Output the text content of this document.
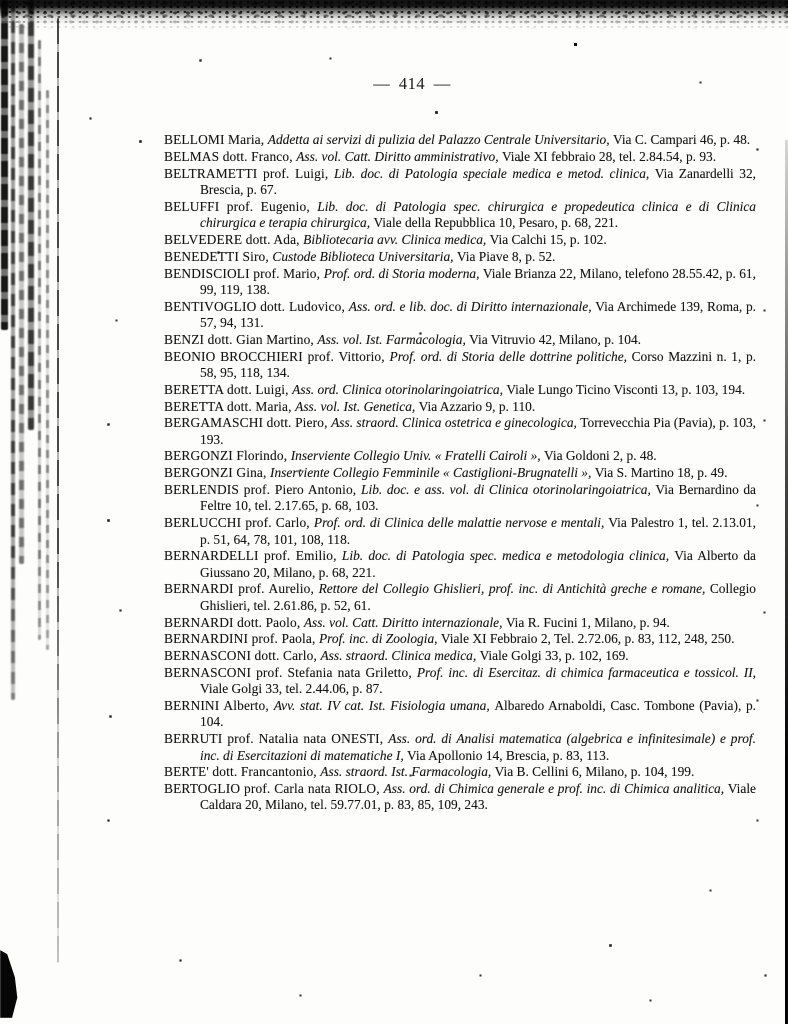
— 414 —

BELLOMI Maria, Addetta ai servizi di pulizia del Palazzo Centrale Universitario, Via C. Campari 46, p. 48.

BELMAS dott. Franco, Ass. vol. Catt. Diritto amministrativo, Viale XI febbraio 28, tel. 2.84.54, p. 93.

BELTRAMETTI prof. Luigi, Lib. doc. di Patologia speciale medica e metod. clinica, Via Zanardelli 32, Brescia, p. 67.

BELUFFI prof. Eugenio, Lib. doc. di Patologia spec. chirurgica e propedeutica clinica e di Clinica chirurgica e terapia chirurgica, Viale della Repubblica 10, Pesaro, p. 68, 221.

BELVEDERE dott. Ada, Bibliotecaria avv. Clinica medica, Via Calchi 15, p. 102.

BENEDETTI Siro, Custode Biblioteca Universitaria, Via Piave 8, p. 52.

BENDISCIOLI prof. Mario, Prof. ord. di Storia moderna, Viale Brianza 22, Milano, telefono 28.55.42, p. 61, 99, 119, 138.

BENTIVOGLIO dott. Ludovico, Ass. ord. e lib. doc. di Diritto internazionale, Via Archimede 139, Roma, p. 57, 94, 131.

BENZI dott. Gian Martino, Ass. vol. Ist. Farmacologia, Via Vitruvio 42, Milano, p. 104.

BEONIO BROCCHIERI prof. Vittorio, Prof. ord. di Storia delle dottrine politiche, Corso Mazzini n. 1, p. 58, 95, 118, 134.

BERETTA dott. Luigi, Ass. ord. Clinica otorinolaringoiatrica, Viale Lungo Ticino Visconti 13, p. 103, 194.

BERETTA dott. Maria, Ass. vol. Ist. Genetica, Via Azzario 9, p. 110.

BERGAMASCHI dott. Piero, Ass. straord. Clinica ostetrica e ginecologica, Torrevecchia Pia (Pavia), p. 103, 193.

BERGONZI Florindo, Inserviente Collegio Univ. « Fratelli Cairoli », Via Goldoni 2, p. 48.

BERGONZI Gina, Inserviente Collegio Femminile « Castiglioni-Brugnatelli », Via S. Martino 18, p. 49.

BERLENDIS prof. Piero Antonio, Lib. doc. e ass. vol. di Clinica otorinolaringoiatrica, Via Bernardino da Feltre 10, tel. 2.17.65, p. 68, 103.

BERLUCCHI prof. Carlo, Prof. ord. di Clinica delle malattie nervose e mentali, Via Palestro 1, tel. 2.13.01, p. 51, 64, 78, 101, 108, 118.

BERNARDELLI prof. Emilio, Lib. doc. di Patologia spec. medica e metodologia clinica, Via Alberto da Giussano 20, Milano, p. 68, 221.

BERNARDI prof. Aurelio, Rettore del Collegio Ghislieri, prof. inc. di Antichità greche e romane, Collegio Ghislieri, tel. 2.61.86, p. 52, 61.

BERNARDI dott. Paolo, Ass. vol. Catt. Diritto internazionale, Via R. Fucini 1, Milano, p. 94.

BERNARDINI prof. Paola, Prof. inc. di Zoologia, Viale XI Febbraio 2, Tel. 2.72.06, p. 83, 112, 248, 250.

BERNASCONI dott. Carlo, Ass. straord. Clinica medica, Viale Golgi 33, p. 102, 169.

BERNASCONI prof. Stefania nata Griletto, Prof. inc. di Esercitaz. di chimica farmaceutica e tossicol. II, Viale Golgi 33, tel. 2.44.06, p. 87.

BERNINI Alberto, Avv. stat. IV cat. Ist. Fisiologia umana, Albaredo Arnaboldi, Casc. Tombone (Pavia), p. 104.

BERRUTI prof. Natalia nata ONESTI, Ass. ord. di Analisi matematica (algebrica e infinitesimale) e prof. inc. di Esercitazioni di matematiche I, Via Apollonio 14, Brescia, p. 83, 113.

BERTE' dott. Francantonio, Ass. straord. Ist. Farmacologia, Via B. Cellini 6, Milano, p. 104, 199.

BERTOGLIO prof. Carla nata RIOLO, Ass. ord. di Chimica generale e prof. inc. di Chimica analitica, Viale Caldara 20, Milano, tel. 59.77.01, p. 83, 85, 109, 243.
